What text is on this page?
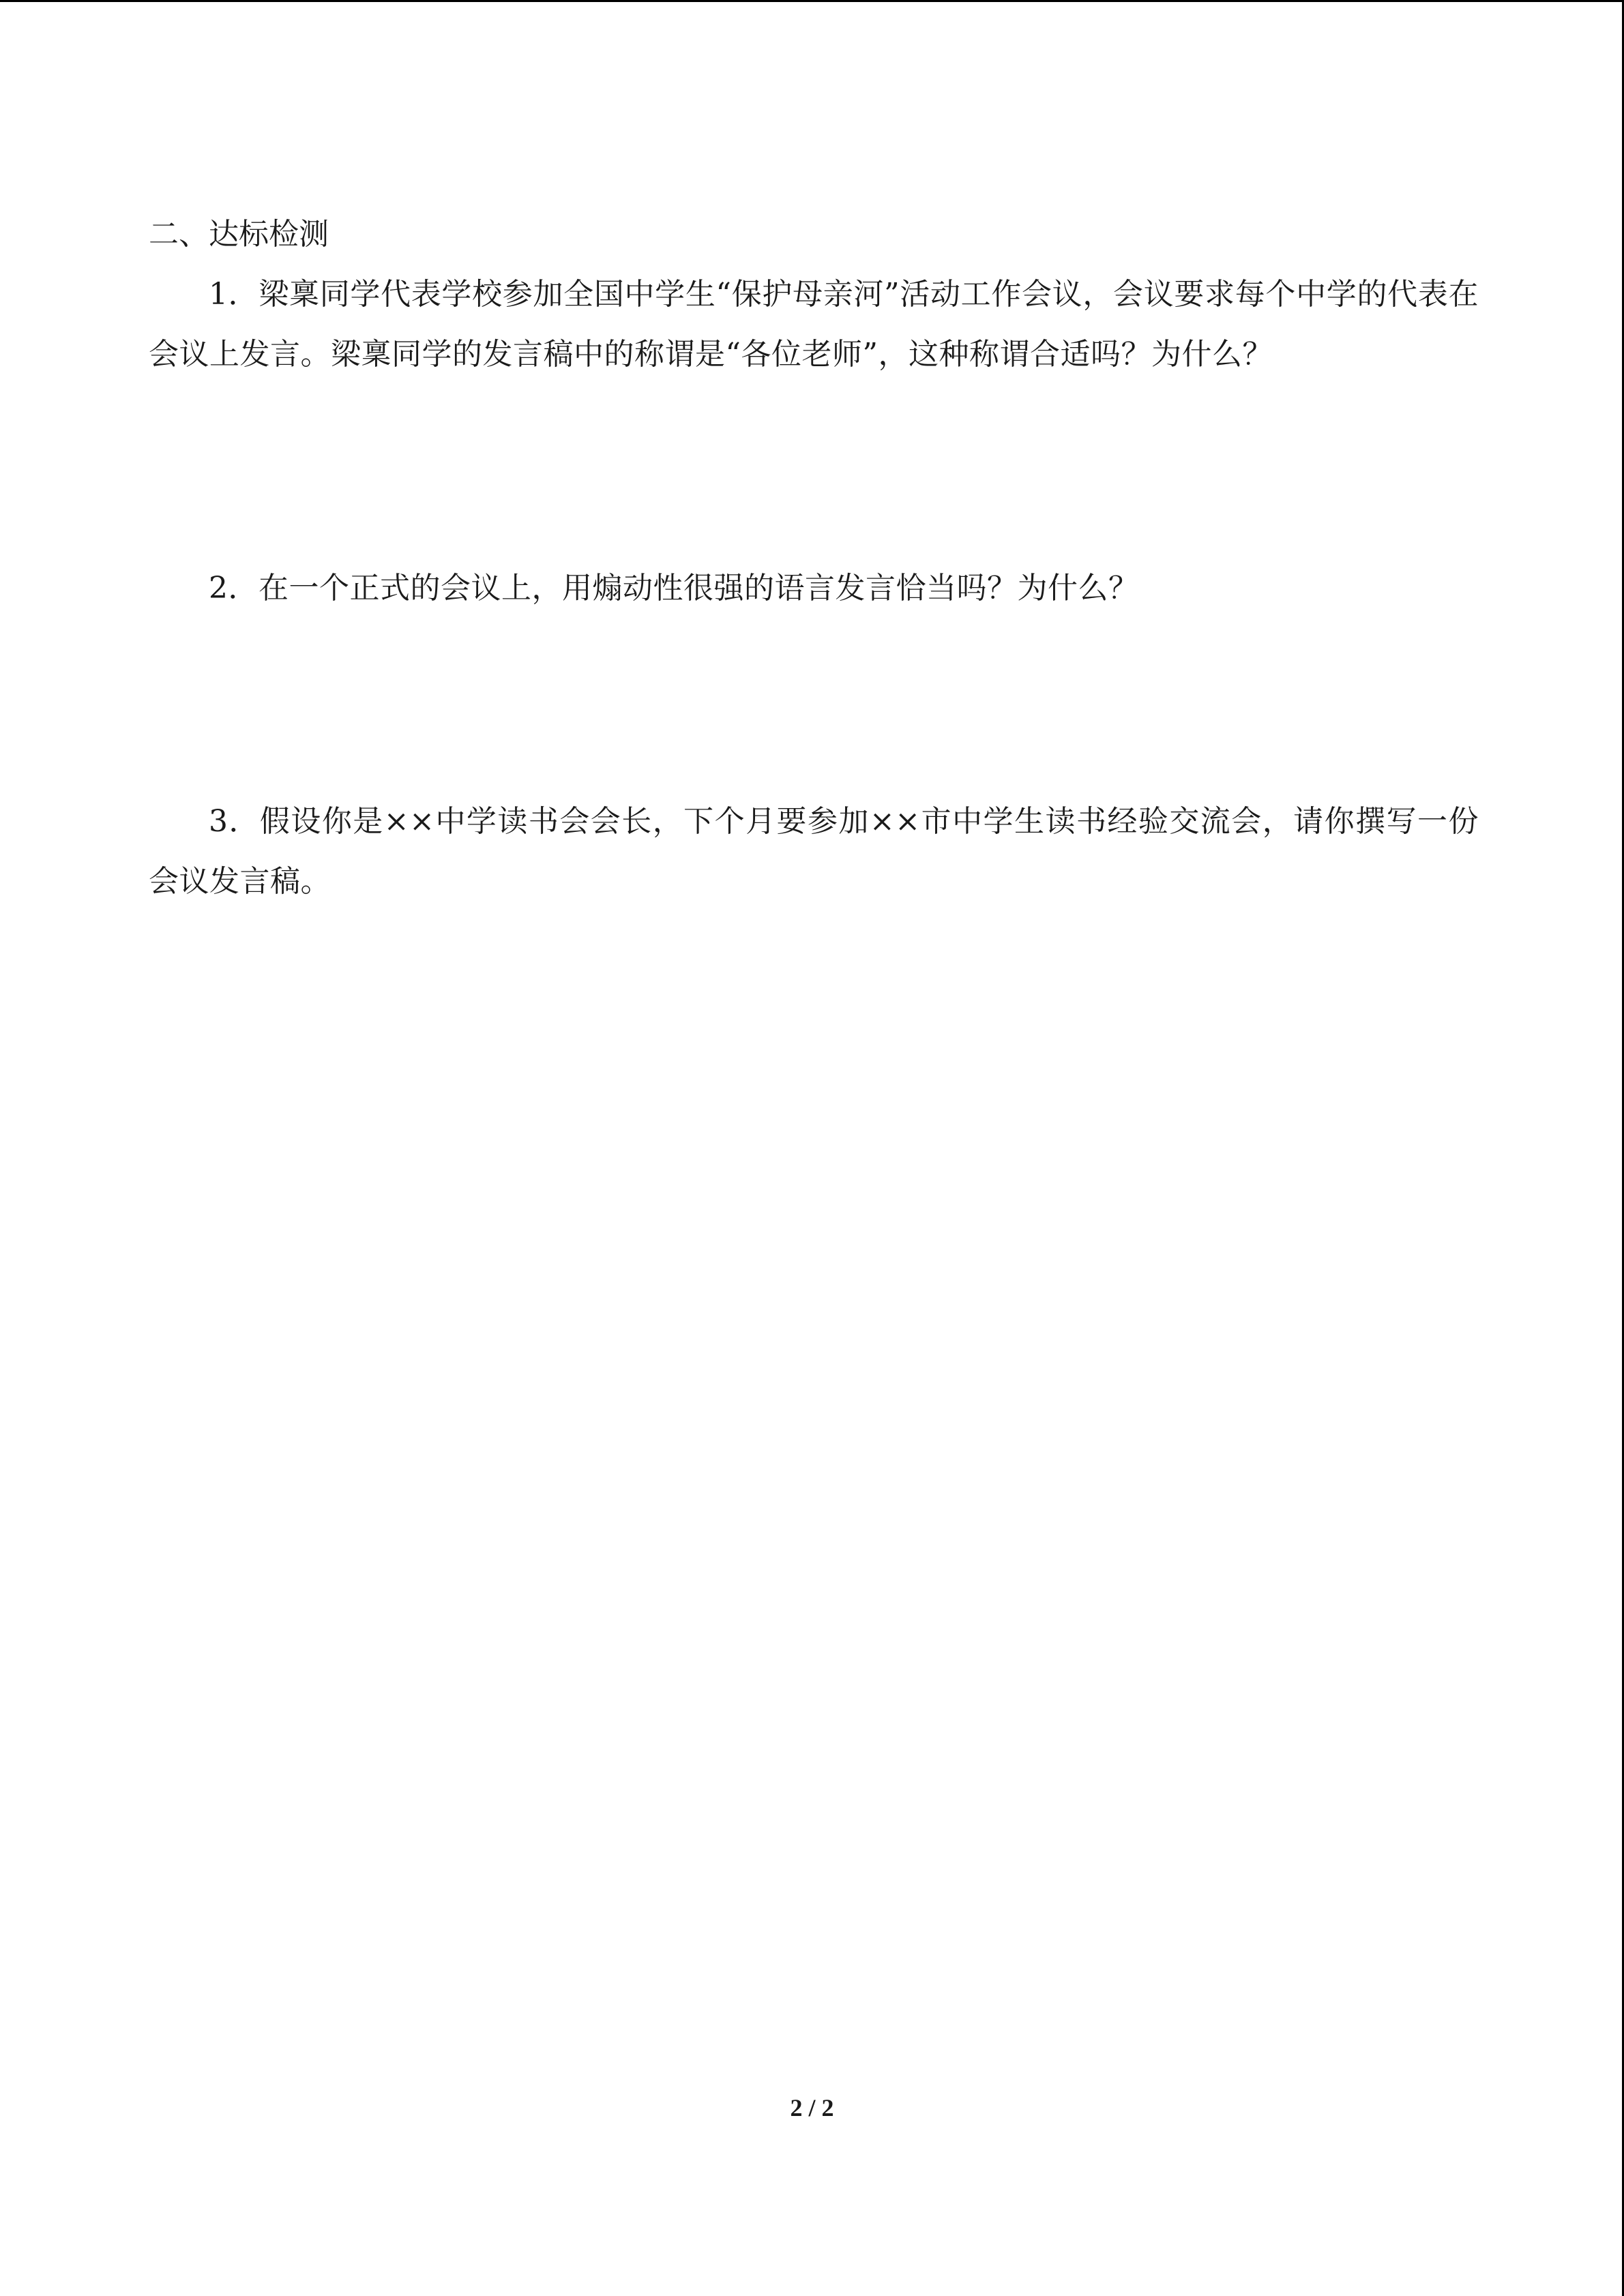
二、达标检测

1．梁稟同学代表学校参加全国中学生“保护母亲河”活动工作会议，会议要求每个中学的代表在会议上发言。梁稟同学的发言稿中的称谓是“各位老师”，这种称谓合适吗？为什么？

2．在一个正式的会议上，用煽动性很强的语言发言恰当吗？为什么？

3．假设你是××中学读书会会长，下个月要参加××市中学生读书经验交流会，请你撰写一份会议发言稿。

2 / 2
